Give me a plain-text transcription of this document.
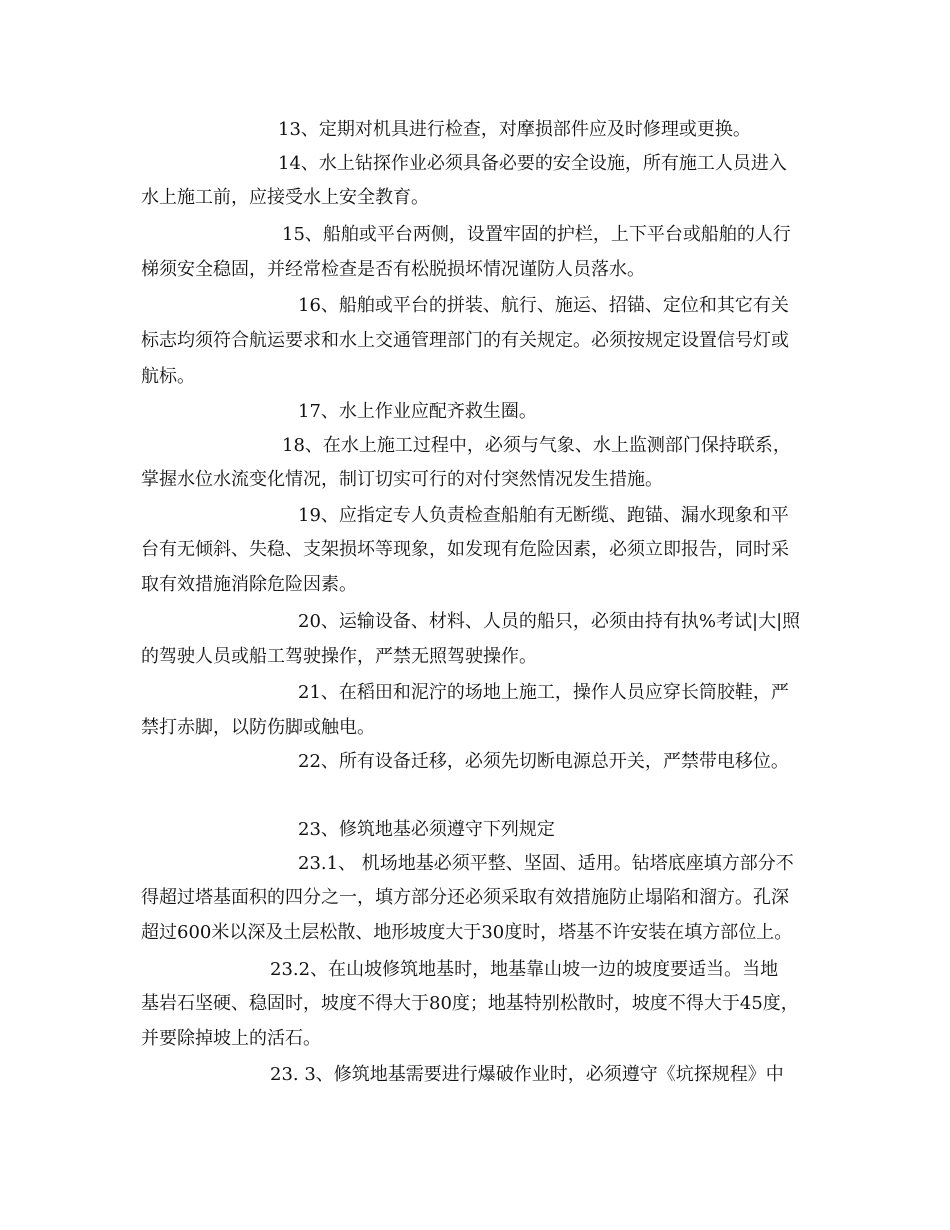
13、定期对机具进行检查，对摩损部件应及时修理或更换。
14、水上钻探作业必须具备必要的安全设施，所有施工人员进入
水上施工前，应接受水上安全教育。
15、船舶或平台两侧，设置牢固的护栏，上下平台或船舶的人行
梯须安全稳固，并经常检查是否有松脱损坏情况谨防人员落水。
16、船舶或平台的拼装、航行、施运、招锚、定位和其它有关
标志均须符合航运要求和水上交通管理部门的有关规定。必须按规定设置信号灯或
航标。
17、水上作业应配齐救生圈。
18、在水上施工过程中，必须与气象、水上监测部门保持联系，
掌握水位水流变化情况，制订切实可行的对付突然情况发生措施。
19、应指定专人负责检查船舶有无断缆、跑锚、漏水现象和平
台有无倾斜、失稳、支架损坏等现象，如发现有危险因素，必须立即报告，同时采
取有效措施消除危险因素。
20、运输设备、材料、人员的船只，必须由持有执%考试|大|照
的驾驶人员或船工驾驶操作，严禁无照驾驶操作。
21、在稻田和泥泞的场地上施工，操作人员应穿长筒胶鞋，严
禁打赤脚，以防伤脚或触电。
22、所有设备迁移，必须先切断电源总开关，严禁带电移位。
23、修筑地基必须遵守下列规定
23.1、 机场地基必须平整、坚固、适用。钻塔底座填方部分不
得超过塔基面积的四分之一，填方部分还必须采取有效措施防止塌陷和溜方。孔深
超过600米以深及土层松散、地形坡度大于30度时，塔基不许安装在填方部位上。
23.2、在山坡修筑地基时，地基靠山坡一边的坡度要适当。当地
基岩石坚硬、稳固时，坡度不得大于80度；地基特别松散时，坡度不得大于45度，
并要除掉坡上的活石。
23. 3、修筑地基需要进行爆破作业时，必须遵守《坑探规程》中
